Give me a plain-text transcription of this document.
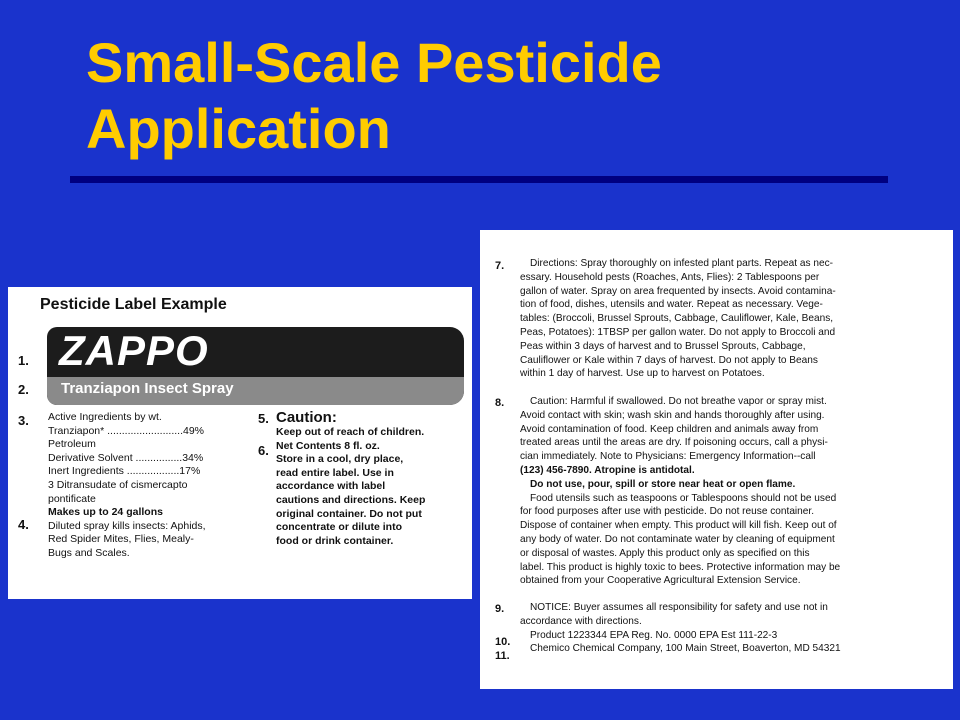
Small-Scale Pesticide
Application
Pesticide Label Example
1.
2.
3.
4.
5.
6.
ZAPPO
Tranziapon Insect Spray
Active Ingredients by wt.
Tranziapon* ..........................49%
Petroleum
Derivative Solvent ................34%
Inert Ingredients ..................17%
3 Ditransudate of cismercapto
pontificate
Makes up to 24 gallons
Diluted spray kills insects: Aphids,
Red Spider Mites, Flies, Mealy-
Bugs and Scales.
Caution:
Keep out of reach of children.
Net Contents 8 fl. oz.
Store in a cool, dry place,
read entire label. Use in
accordance with label
cautions and directions. Keep
original container. Do not put
concentrate or dilute into
food or drink container.
7.
8.
9.
10.
11.

Directions: Spray thoroughly on infested plant parts. Repeat as nec-

essary. Household pests (Roaches, Ants, Flies): 2 Tablespoons per

gallon of water. Spray on area frequented by insects. Avoid contamina-

tion of food, dishes, utensils and water. Repeat as necessary. Vege-

tables: (Broccoli, Brussel Sprouts, Cabbage, Cauliflower, Kale, Beans,

Peas, Potatoes): 1TBSP per gallon water. Do not apply to Broccoli and

Peas within 3 days of harvest and to Brussel Sprouts, Cabbage,

Cauliflower or Kale within 7 days of harvest. Do not apply to Beans

within 1 day of harvest. Use up to harvest on Potatoes.

Caution: Harmful if swallowed. Do not breathe vapor or spray mist.

Avoid contact with skin; wash skin and hands thoroughly after using.

Avoid contamination of food. Keep children and animals away from

treated areas until the areas are dry. If poisoning occurs, call a physi-

cian immediately. Note to Physicians: Emergency Information--call

(123) 456-7890. Atropine is antidotal.

Do not use, pour, spill or store near heat or open flame.

Food utensils such as teaspoons or Tablespoons should not be used

for food purposes after use with pesticide. Do not reuse container.

Dispose of container when empty. This product will kill fish. Keep out of

any body of water. Do not contaminate water by cleaning of equipment

or disposal of wastes. Apply this product only as specified on this

label. This product is highly toxic to bees. Protective information may be

obtained from your Cooperative Agricultural Extension Service.

NOTICE: Buyer assumes all responsibility for safety and use not in

accordance with directions.

Product 1223344 EPA Reg. No. 0000 EPA Est 111-22-3

Chemico Chemical Company, 100 Main Street, Boaverton, MD 54321
